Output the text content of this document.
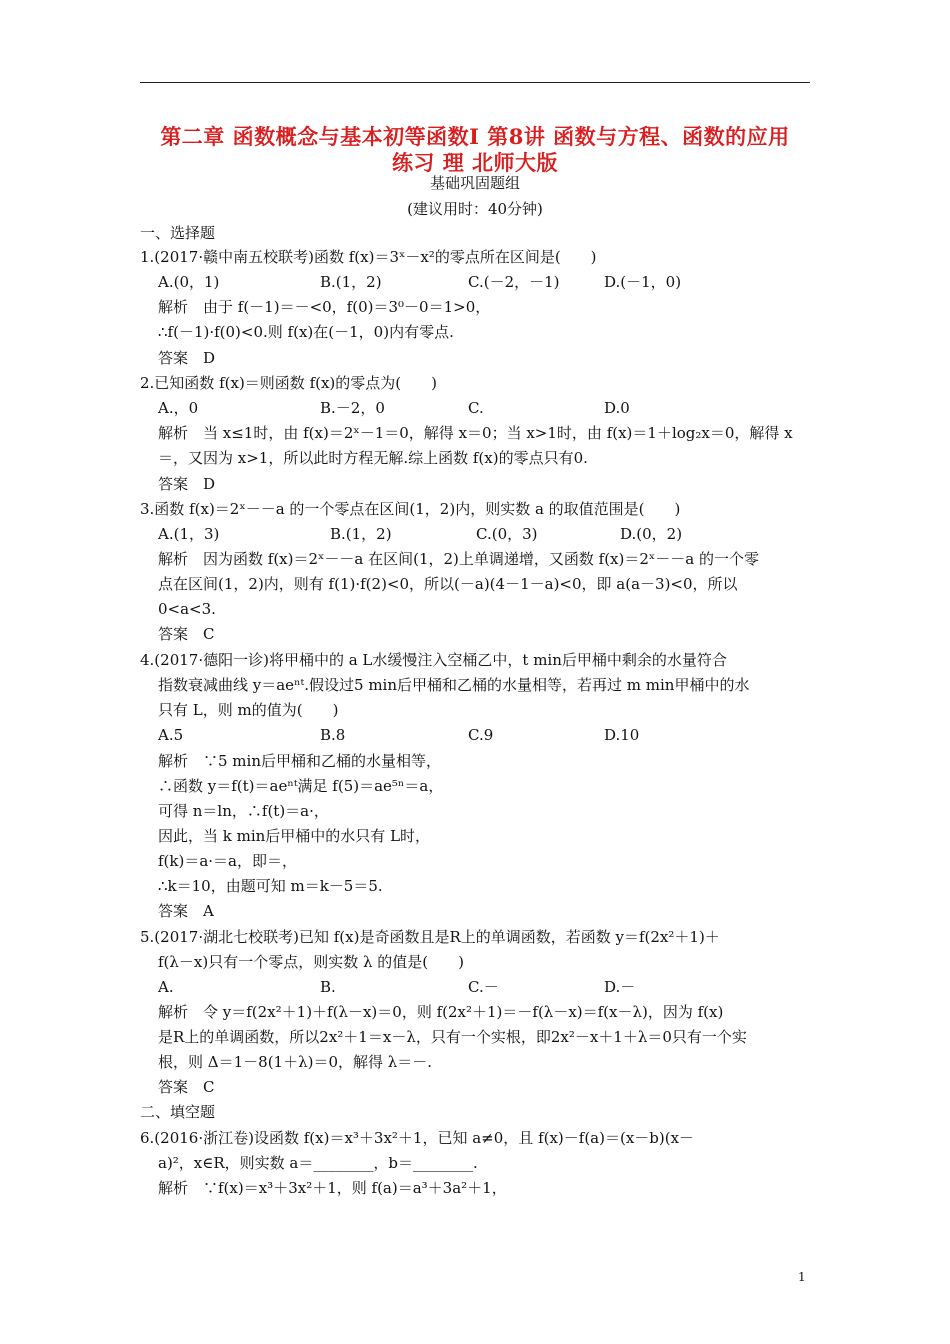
第二章 函数概念与基本初等函数Ⅰ 第8讲 函数与方程、函数的应用
练习 理 北师大版
基础巩固题组
(建议用时：40分钟)
一、选择题
1.(2017·赣中南五校联考)函数 f(x)＝3ˣ－x²的零点所在区间是(　　)
A.(0，1)	B.(1，2)	C.(－2，－1)	D.(－1，0)
解析　由于 f(－1)＝－<0，f(0)＝3⁰－0＝1>0，
∴f(－1)·f(0)<0.则 f(x)在(－1，0)内有零点.
答案　D
2.已知函数 f(x)＝则函数 f(x)的零点为(　　)
A.，0	B.－2，0	C.	D.0
解析　当 x≤1时，由 f(x)＝2ˣ－1＝0，解得 x＝0；当 x>1时，由 f(x)＝1＋log₂x＝0，解得 x
＝，又因为 x>1，所以此时方程无解.综上函数 f(x)的零点只有0.
答案　D
3.函数 f(x)＝2ˣ－－a 的一个零点在区间(1，2)内，则实数 a 的取值范围是(　　)
A.(1，3)	B.(1，2)	C.(0，3)	D.(0，2)
解析　因为函数 f(x)＝2ˣ－－a 在区间(1，2)上单调递增，又函数 f(x)＝2ˣ－－a 的一个零
点在区间(1，2)内，则有 f(1)·f(2)<0，所以(－a)(4－1－a)<0，即 a(a－3)<0，所以
0<a<3.
答案　C
4.(2017·德阳一诊)将甲桶中的 a L水缓慢注入空桶乙中，t min后甲桶中剩余的水量符合
指数衰减曲线 y＝aeⁿᵗ.假设过5 min后甲桶和乙桶的水量相等，若再过 m min甲桶中的水
只有 L，则 m的值为(　　)
A.5	B.8	C.9	D.10
解析　∵5 min后甲桶和乙桶的水量相等，
∴函数 y＝f(t)＝aeⁿᵗ满足 f(5)＝ae⁵ⁿ＝a，
可得 n＝ln，∴f(t)＝a·，
因此，当 k min后甲桶中的水只有 L时，
f(k)＝a·＝a，即＝，
∴k＝10，由题可知 m＝k－5＝5.
答案　A
5.(2017·湖北七校联考)已知 f(x)是奇函数且是R上的单调函数，若函数 y＝f(2x²＋1)＋
f(λ－x)只有一个零点，则实数 λ 的值是(　　)
A.	B.	C.－	D.－
解析　令 y＝f(2x²＋1)＋f(λ－x)＝0，则 f(2x²＋1)＝－f(λ－x)＝f(x－λ)，因为 f(x)
是R上的单调函数，所以2x²＋1＝x－λ，只有一个实根，即2x²－x＋1＋λ＝0只有一个实
根，则 Δ＝1－8(1＋λ)＝0，解得 λ＝－.
答案　C
二、填空题
6.(2016·浙江卷)设函数 f(x)＝x³＋3x²＋1，已知 a≠0，且 f(x)－f(a)＝(x－b)(x－
a)²，x∈R，则实数 a＝________，b＝________.
解析　∵f(x)＝x³＋3x²＋1，则 f(a)＝a³＋3a²＋1，
1
